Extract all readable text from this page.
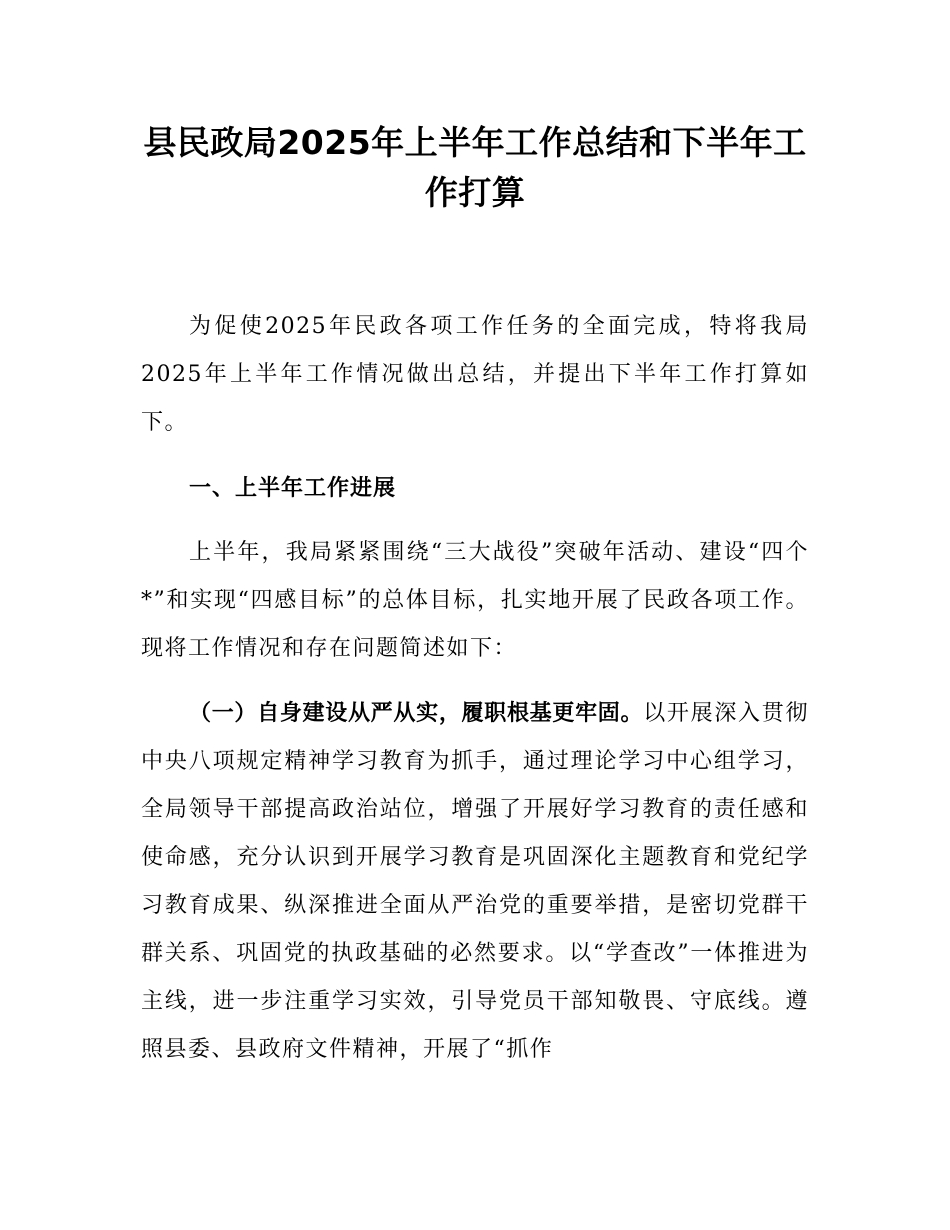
县民政局2025年上半年工作总结和下半年工作打算

为促使2025年民政各项工作任务的全面完成，特将我局2025年上半年工作情况做出总结，并提出下半年工作打算如下。

一、上半年工作进展

上半年，我局紧紧围绕“三大战役”突破年活动、建设“四个*”和实现“四感目标”的总体目标，扎实地开展了民政各项工作。现将工作情况和存在问题简述如下：

（一）自身建设从严从实，履职根基更牢固。以开展深入贯彻中央八项规定精神学习教育为抓手，通过理论学习中心组学习，全局领导干部提高政治站位，增强了开展好学习教育的责任感和使命感，充分认识到开展学习教育是巩固深化主题教育和党纪学习教育成果、纵深推进全面从严治党的重要举措，是密切党群干群关系、巩固党的执政基础的必然要求。以“学查改”一体推进为主线，进一步注重学习实效，引导党员干部知敬畏、守底线。遵照县委、县政府文件精神，开展了“抓作
